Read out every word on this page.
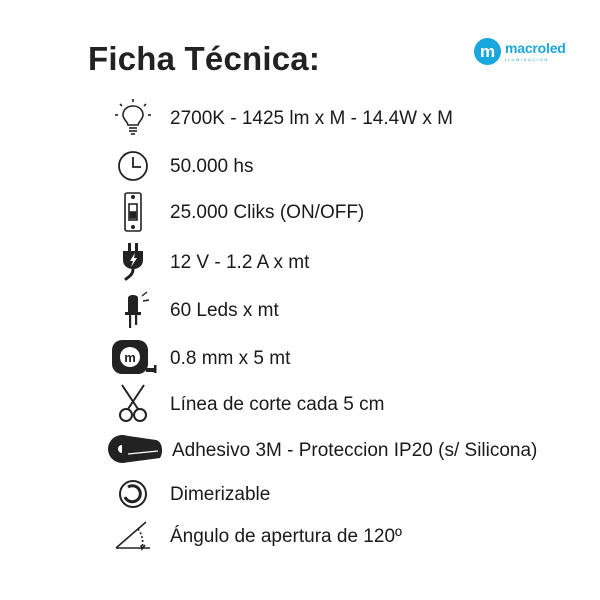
Ficha Técnica:	m macroled
ILUMINACION
2700K - 1425 lm x M - 14.4W x M
50.000 hs
25.000 Cliks (ON/OFF)
12 V - 1.2 A x mt
60 Leds x mt
m 0.8 mm x 5 mt
Línea de corte cada 5 cm
Adhesivo 3M - Proteccion IP20 (s/ Silicona)
Dimerizable
Ángulo de apertura de 120º
